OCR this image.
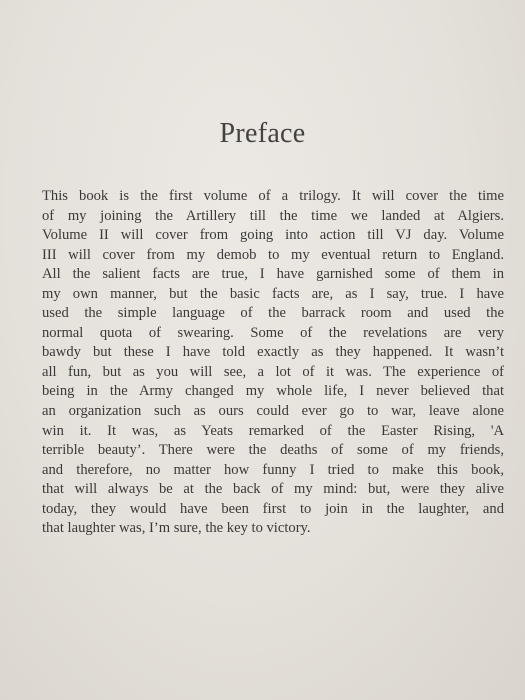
Preface
This book is the first volume of a trilogy. It will cover the time
of my joining the Artillery till the time we landed at Algiers.
Volume II will cover from going into action till VJ day. Volume
III will cover from my demob to my eventual return to England.
All the salient facts are true, I have garnished some of them in
my own manner, but the basic facts are, as I say, true. I have
used the simple language of the barrack room and used the
normal quota of swearing. Some of the revelations are very
bawdy but these I have told exactly as they happened. It wasn’t
all fun, but as you will see, a lot of it was. The experience of
being in the Army changed my whole life, I never believed that
an organization such as ours could ever go to war, leave alone
win it. It was, as Yeats remarked of the Easter Rising, 'A
terrible beauty’. There were the deaths of some of my friends,
and therefore, no matter how funny I tried to make this book,
that will always be at the back of my mind: but, were they alive
today, they would have been first to join in the laughter, and
that laughter was, I’m sure, the key to victory.
